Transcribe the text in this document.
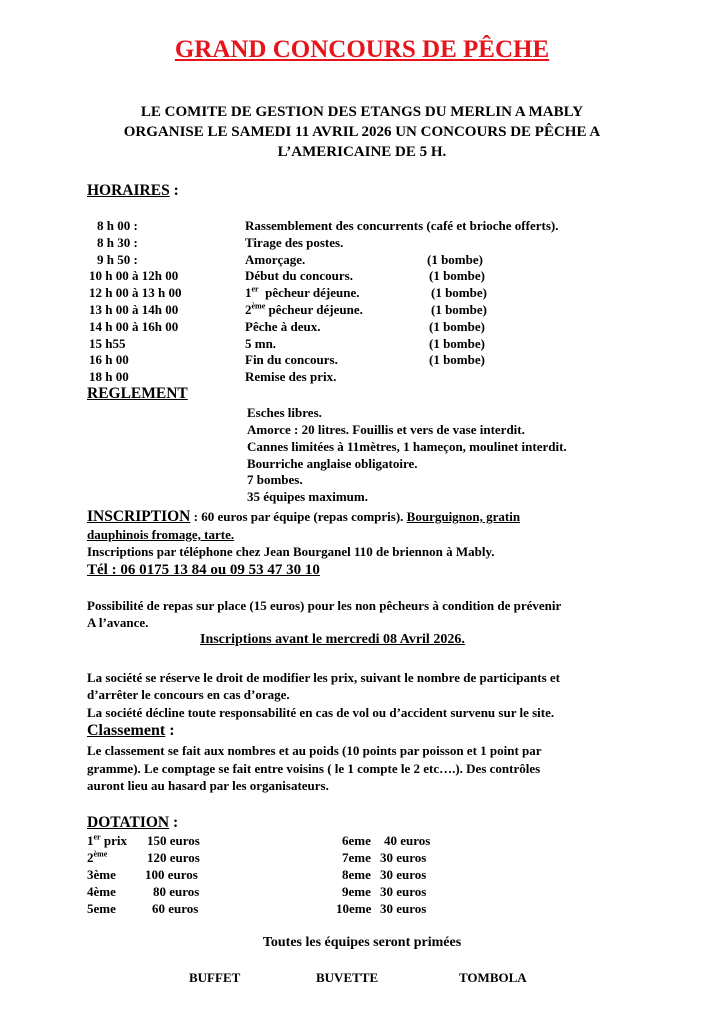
GRAND CONCOURS DE PÊCHE
LE COMITE DE GESTION DES ETANGS DU MERLIN A MABLY
ORGANISE LE SAMEDI 11 AVRIL 2026 UN CONCOURS DE PÊCHE A
L’AMERICAINE DE 5 H.
HORAIRES :
8 h 00 :	Rassemblement des concurrents (café et brioche offerts).
8 h 30 :	Tirage des postes.
9 h 50 :	Amorçage.	(1 bombe)
10 h 00 à 12h 00	Début du concours.	(1 bombe)
12 h 00 à 13 h 00	1er pêcheur déjeune.	(1 bombe)
13 h 00 à 14h 00	2ème pêcheur déjeune.	(1 bombe)
14 h 00 à 16h 00	Pêche à deux.	(1 bombe)
15 h55	5 mn.	(1 bombe)
16 h 00	Fin du concours.	(1 bombe)
18 h 00	Remise des prix.
REGLEMENT
Esches libres.
Amorce : 20 litres. Fouillis et vers de vase interdit.
Cannes limitées à 11mètres, 1 hameçon, moulinet interdit.
Bourriche anglaise obligatoire.
7 bombes.
35 équipes maximum.
INSCRIPTION : 60 euros par équipe (repas compris). Bourguignon, gratin
dauphinois fromage, tarte.
Inscriptions par téléphone chez Jean Bourganel 110 de briennon à Mably.
Tél : 06 0175 13 84 ou 09 53 47 30 10
Possibilité de repas sur place (15 euros) pour les non pêcheurs à condition de prévenir
A l’avance.
Inscriptions avant le mercredi 08 Avril 2026.
La société se réserve le droit de modifier les prix, suivant le nombre de participants et
d’arrêter le concours en cas d’orage.
La société décline toute responsabilité en cas de vol ou d’accident survenu sur le site.
Classement :
Le classement se fait aux nombres et au poids (10 points par poisson et 1 point par
gramme). Le comptage se fait entre voisins ( le 1 compte le 2 etc….). Des contrôles
auront lieu au hasard par les organisateurs.
DOTATION :
1er prix 150 euros
2ème	120 euros
3ème 100 euros
4ème	80 euros
5eme	60 euros
6eme 40 euros
7eme 30 euros
8eme 30 euros
9eme 30 euros
10eme 30 euros
Toutes les équipes seront primées
BUFFET	BUVETTE	TOMBOLA
